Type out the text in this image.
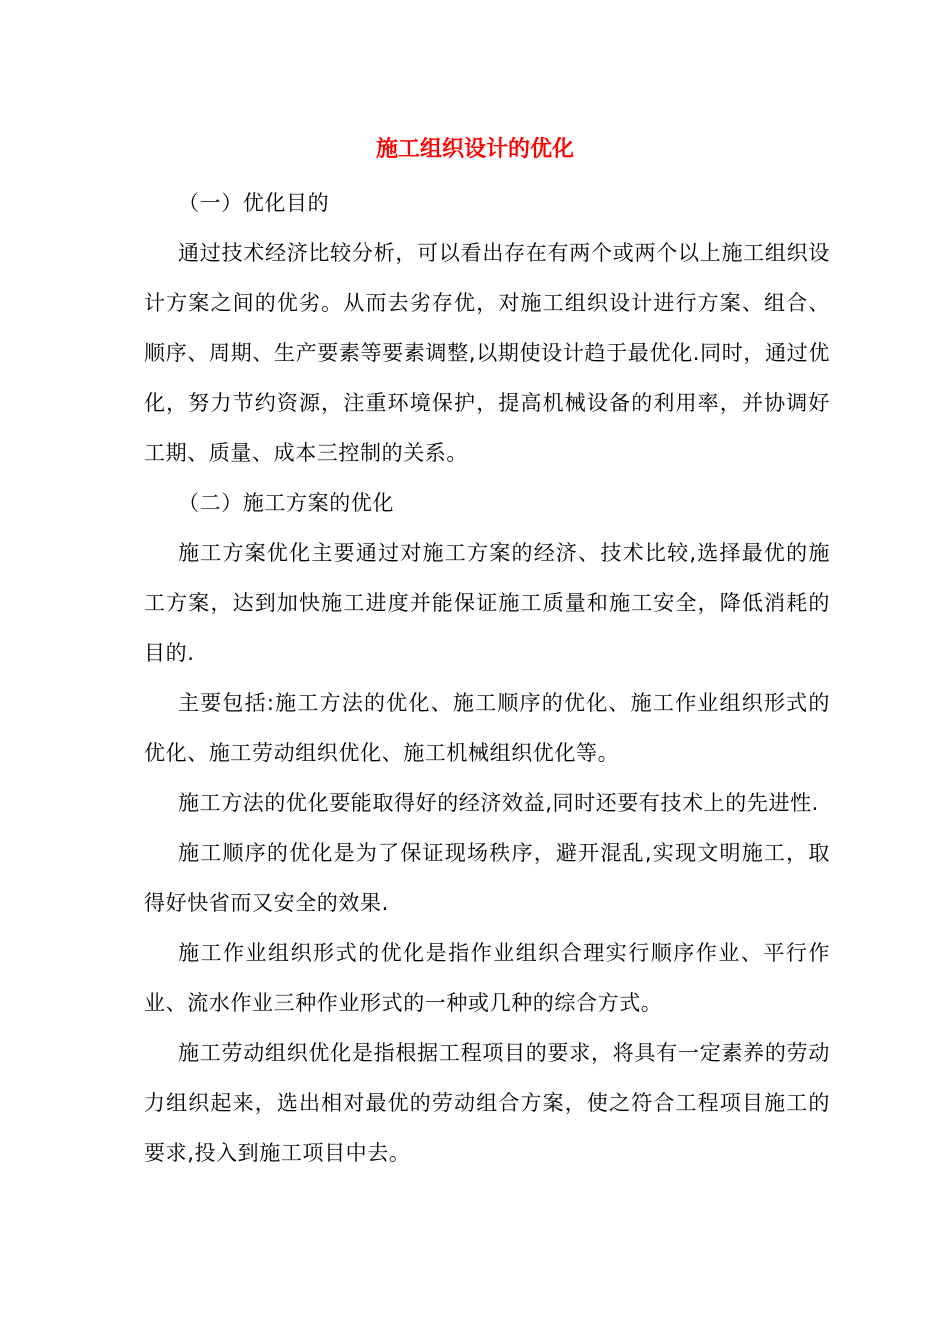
施工组织设计的优化

（一）优化目的

通过技术经济比较分析，可以看出存在有两个或两个以上施工组织设计方案之间的优劣。从而去劣存优，对施工组织设计进行方案、组合、顺序、周期、生产要素等要素调整,以期使设计趋于最优化.同时，通过优化，努力节约资源，注重环境保护，提高机械设备的利用率，并协调好工期、质量、成本三控制的关系。

（二）施工方案的优化

施工方案优化主要通过对施工方案的经济、技术比较,选择最优的施工方案，达到加快施工进度并能保证施工质量和施工安全，降低消耗的目的.

主要包括:施工方法的优化、施工顺序的优化、施工作业组织形式的优化、施工劳动组织优化、施工机械组织优化等。

施工方法的优化要能取得好的经济效益,同时还要有技术上的先进性.

施工顺序的优化是为了保证现场秩序，避开混乱,实现文明施工，取得好快省而又安全的效果.

施工作业组织形式的优化是指作业组织合理实行顺序作业、平行作业、流水作业三种作业形式的一种或几种的综合方式。

施工劳动组织优化是指根据工程项目的要求，将具有一定素养的劳动力组织起来，选出相对最优的劳动组合方案，使之符合工程项目施工的要求,投入到施工项目中去。
